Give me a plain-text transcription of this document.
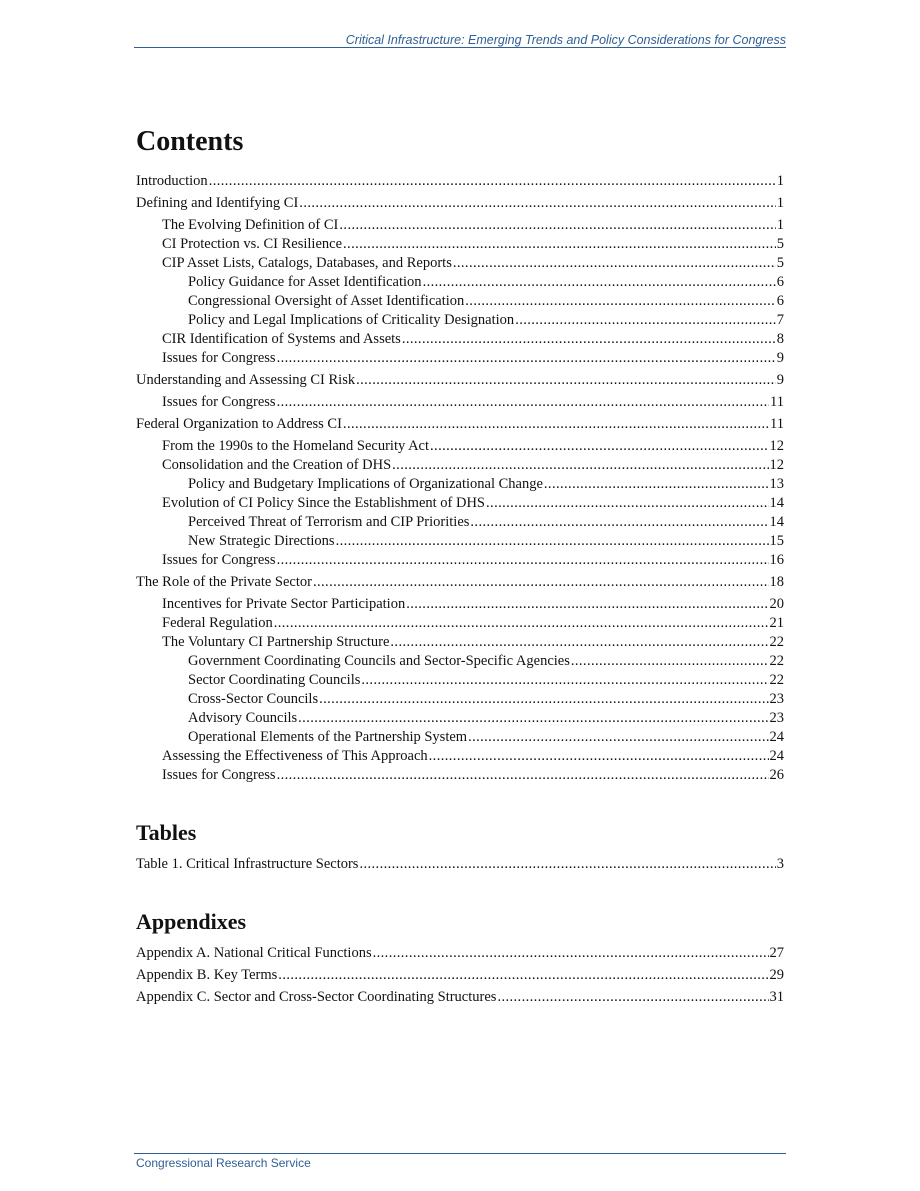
Critical Infrastructure: Emerging Trends and Policy Considerations for Congress
Contents
Introduction .....	1
Defining and Identifying CI .....	1
The Evolving Definition of CI .....	1
CI Protection vs. CI Resilience .....	5
CIP Asset Lists, Catalogs, Databases, and Reports .....	5
Policy Guidance for Asset Identification .....	6
Congressional Oversight of Asset Identification .....	6
Policy and Legal Implications of Criticality Designation .....	7
CIR Identification of Systems and Assets .....	8
Issues for Congress .....	9
Understanding and Assessing CI Risk .....	9
Issues for Congress .....	11
Federal Organization to Address CI .....	11
From the 1990s to the Homeland Security Act .....	12
Consolidation and the Creation of DHS .....	12
Policy and Budgetary Implications of Organizational Change .....	13
Evolution of CI Policy Since the Establishment of DHS .....	14
Perceived Threat of Terrorism and CIP Priorities .....	14
New Strategic Directions .....	15
Issues for Congress .....	16
The Role of the Private Sector .....	18
Incentives for Private Sector Participation .....	20
Federal Regulation .....	21
The Voluntary CI Partnership Structure .....	22
Government Coordinating Councils and Sector-Specific Agencies .....	22
Sector Coordinating Councils .....	22
Cross-Sector Councils .....	23
Advisory Councils .....	23
Operational Elements of the Partnership System .....	24
Assessing the Effectiveness of This Approach .....	24
Issues for Congress .....	26
Tables
Table 1. Critical Infrastructure Sectors .....	3
Appendixes
Appendix A. National Critical Functions .....	27
Appendix B. Key Terms .....	29
Appendix C. Sector and Cross-Sector Coordinating Structures .....	31
Congressional Research Service
